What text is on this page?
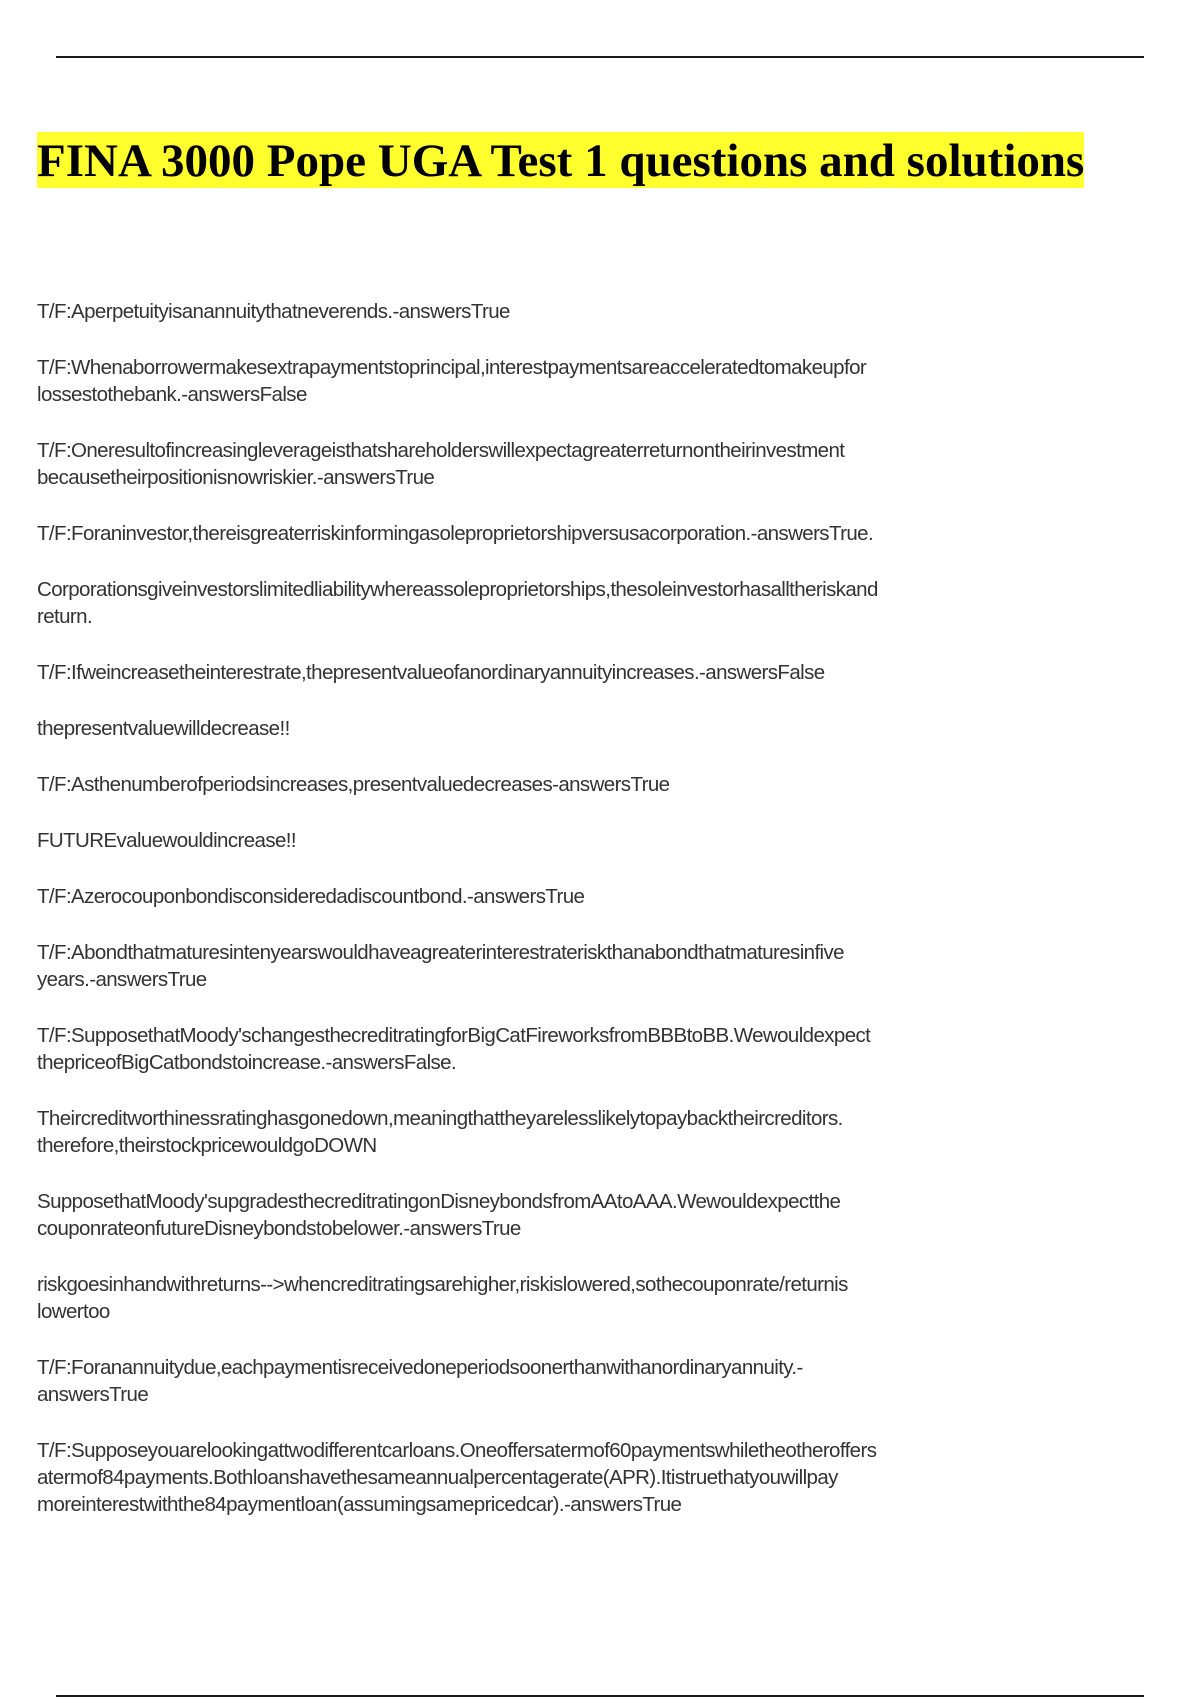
FINA 3000 Pope UGA Test 1 questions and solutions
T/F:Aperpetuityisanannuitythatneverends.-answersTrue
T/F:Whenaborrowermakesextrapaymentstoprincipal,interestpaymentsareacceleratedtomakeupfor
lossestothebank.-answersFalse
T/F:Oneresultofincreasingleverageisthatshareholderswillexpectagreaterreturnontheirinvestment
becausetheirpositionisnowriskier.-answersTrue
T/F:Foraninvestor,thereisgreaterriskinformingasoleproprietorshipversusacorporation.-answersTrue.
Corporationsgiveinvestorslimitedliabilitywhereassoleproprietorships,thesoleinvestorhasalltheriskand
return.
T/F:Ifweincreasetheinterestrate,thepresentvalueofanordinaryannuityincreases.-answersFalse
thepresentvaluewilldecrease!!
T/F:Asthenumberofperiodsincreases,presentvaluedecreases-answersTrue
FUTUREvaluewouldincrease!!
T/F:Azerocouponbondisconsideredadiscountbond.-answersTrue
T/F:Abondthatmaturesintenyearswouldhaveagreaterinterestrateriskthanabondthatmaturesinfive
years.-answersTrue
T/F:SupposethatMoody'schangesthecreditratingforBigCatFireworksfromBBBtoBB.Wewouldexpect
thepriceofBigCatbondstoincrease.-answersFalse.
Theircreditworthinessratinghasgonedown,meaningthattheyarelesslikelytopaybacktheircreditors.
therefore,theirstockpricewouldgoDOWN
SupposethatMoody'supgradesthecreditratingonDisneybondsfromAAtoAAA.Wewouldexpectthe
couponrateonfutureDisneybondstobelower.-answersTrue
riskgoesinhandwithreturns-->whencreditratingsarehigher,riskislowered,sothecouponrate/returnis
lowertoo
T/F:Foranannuitydue,eachpaymentisreceivedoneperiodsoonerthanwithanordinaryannuity.-
answersTrue
T/F:Supposeyouarelookingattwodifferentcarloans.Oneoffersatermof60paymentswhiletheotheroffers
atermof84payments.Bothloanshavethesameannualpercentagerate(APR).Itistruethatyouwillpay
moreinterestwiththe84paymentloan(assumingsamepricedcar).-answersTrue
